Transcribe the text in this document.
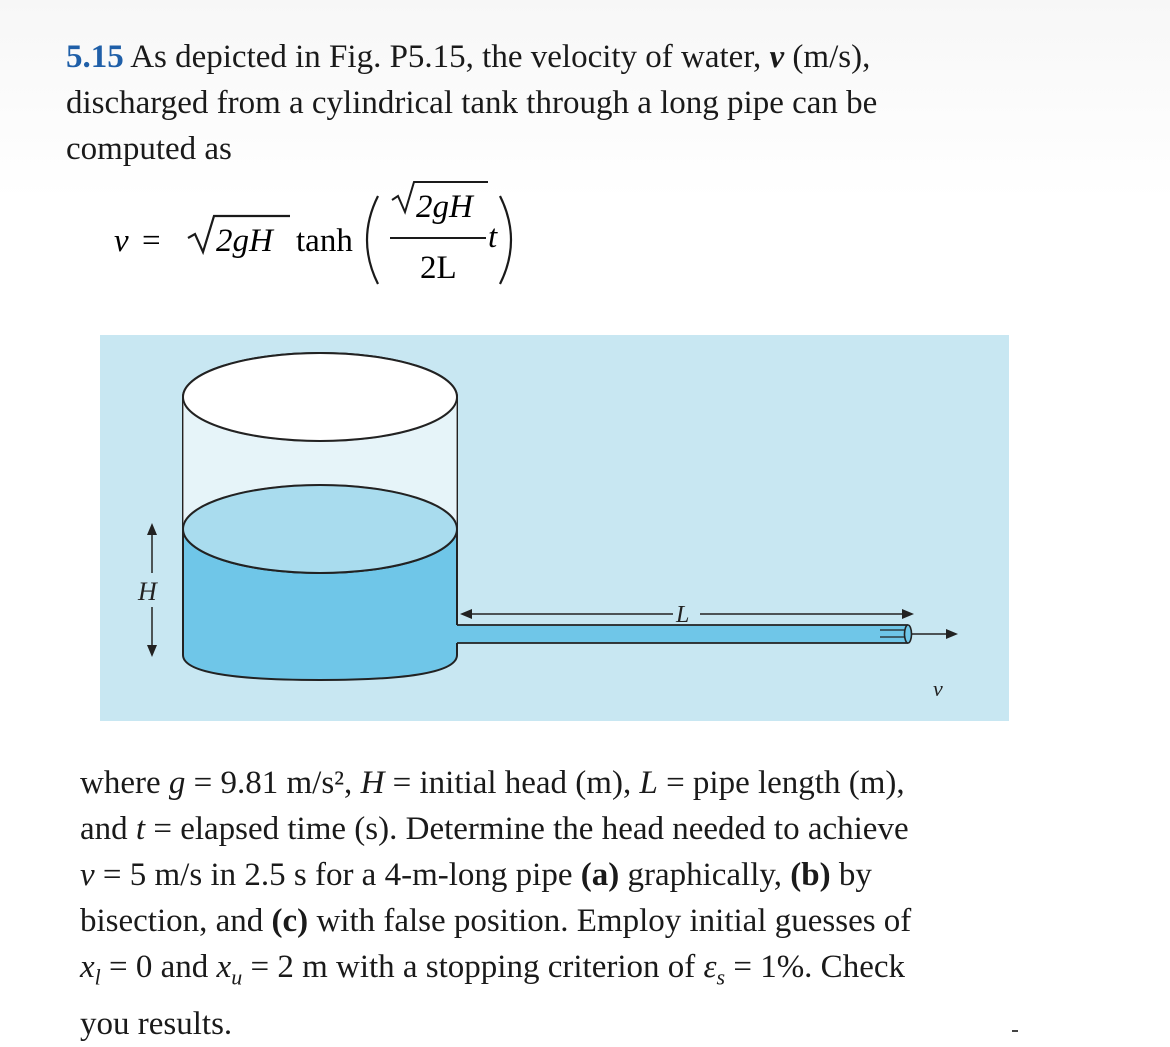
5.15 As depicted in Fig. P5.15, the velocity of water, v (m/s),
discharged from a cylindrical tank through a long pipe can be
computed as
v = 2gH tanh
2gH
2L
t
v
H
L
where g = 9.81 m/s², H = initial head (m), L = pipe length (m),
and t = elapsed time (s). Determine the head needed to achieve
v = 5 m/s in 2.5 s for a 4-m-long pipe (a) graphically, (b) by
bisection, and (c) with false position. Employ initial guesses of
$x_l = 0$ and $x_u = 2$ m with a stopping criterion of $\varepsilon_s = 1\%$. Check
you results.
